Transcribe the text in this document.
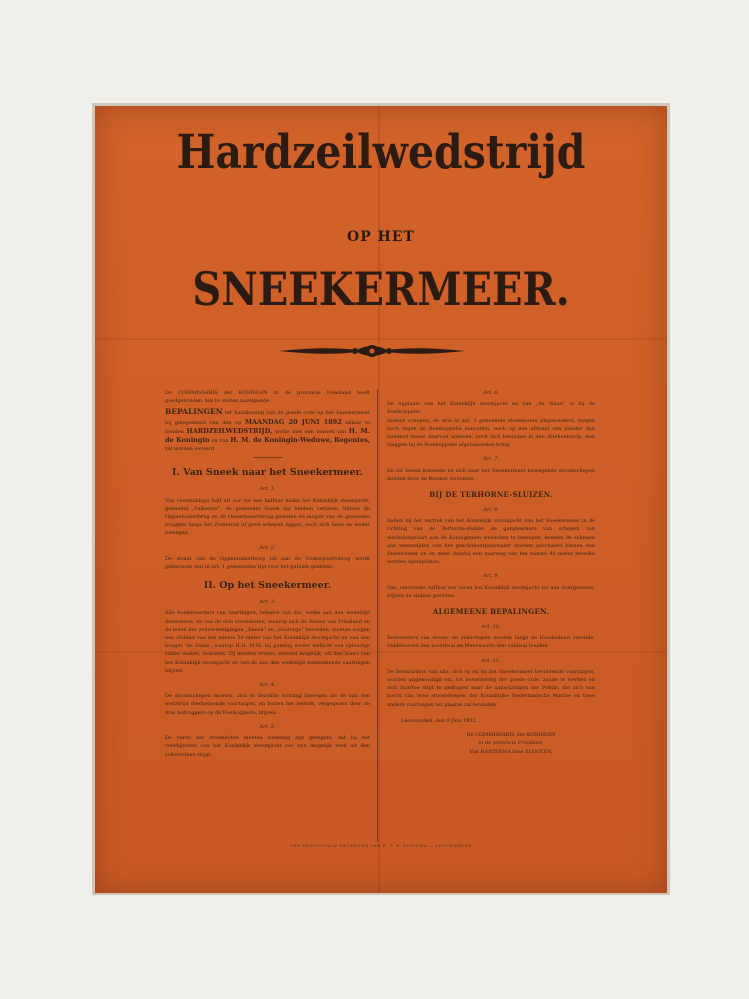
Hardzeilwedstrijd
OP HET
SNEEKERMEER.
De COMMISSARIS der KONINGIN in de provincie Friesland heeft goedgevonden, ten te stellen navolgende
BEPALINGEN ter handhaving van de goede orde op het Sneekermeer bij gelegenheid van den op MAANDAG 20 JUNI 1892 aldaar te houden HARDZEILWEDSTRIJD, welke met een bezoek van H. M. de Koningin en van H. M. de Koningin-Weduwe, Regentes, zal worden vereerd.
I. Van Sneek naar het Sneekermeer.
Art. 1.
Van voormiddags half elf uur tot een halfuur nadat het Koninklijk stoomjacht, genaamd „Valkenris”, de gemeente Sneek zal hebben verlaten, blijven de Oppenhuizerbrug en de Oosterpoortsbrug gesloten en mogen van de gemeente bruggen langs het Zomerrak of geen schepen liggen, noch zich heen en weder bewegen.
Art. 2.
De straat van de Oppenhuizerbrug tot aan de Oosterpoortsbrug wordt gedurende den in art. 1 genoemden tijd voor het publiek gesloten.
II. Op het Sneekermeer.
Art. 3.
Alle hoeksvaarders van vaartuigen, behalve van die, welke aan den wedstrijd deelnemen, en van de drie stoomboten, waarop zich de Staten van Friesland en de leden der zeilvereenigingen „Sneek” en „Oosterga” bevinden, moeten zorgen een afstand van ten minste 50 meter van het Koninklijk stoomjacht en van den hooger ‘de Slaan’, waarop H.H. M.M. bij gunstig weder wellicht een oploechje zullen maken, bewaren. Zij moeten tevens, zooveel mogelijk, uit den koers van het Koninklijk stoomjacht en van de aan den wedstrijd deelnemende vaartuigen blijven.
Art. 4.
De stoomschepen moeten, zich in dezelfde richting bewegen als de aan den wedstrijd deelnemende vaartuigen, en buiten het zeilvak, vergegezen door de drie zeilvaggers op de Boeikoppelle, blijven.
Art. 5.
De varen der stoomboten moeten zoodanig zijn geregeld, dat bij het voorbijvaren van het Koninklijk stoomjacht zoo min mogelijk rook uit den schoorsteen stijgt.
Art. 6.
De ligplaats van het Koninklijk stoomjacht en van „de Slaan” is bij de Boeikoppelle.
Andere schepen, de drie in art. 3 genoemde stoomboten uitgezonderd, mogen noch tegen de Boeikoppelle aanvallen, noch op een afstand van minder dan honderd meter daarvan ankeren, noch zich bevinden in den driehoekstrip, met vlaggen bij de Boeikoppelle afgebakenden kring.
Art. 7.
De uit Sneek komende en zich naar het Sneekermeer bewegende stoomschepen moeten door de Boeiker stroomen.
BIJ DE TERHORNE-SLUIZEN.
Art. 8.
Indien bij het vertrek van het Koninklijk stoomjacht van het Sneekermeer in de richting van de Terhorne-sluizen de gangwerkers van schepen van elschaloepvaart aan de Koninginnen wenschen te bewegen, moeten de schepen aan weerszijden van het geschalieerpaarwater worden geschaard binnen den Statenwater en en meer daarbij een vaarweg van ten minste 40 meter breedte worden opengelaten.
Art. 9.
Van, omstreeks halfuur ten voren het Koninklijk stoomjacht tot aan doorgevaren, blijven de sluizen gesloten.
ALGEMEENE BEPALINGEN.
Art. 10.
Bestuurders van stoom- en zeilschepen moeten langs de Houdeshaut varende, Stadsboeren den noordwal en Meerwaarts den zuidwal houden.
Art. 11.
De bestuurders van alle, zich op en bij het Sneekermeer bevindende vaartuigen, worden uitgenoodigd om, tot bevordering der goede orde, zoude te werken en zich daartoe stipt te gedragen naar de aanwijzingen der Politie, die zich van boord van twee stoomsloepen der Koninklijke Nederlandsche Marine en twee andere vaartuigen ter plaatse zal bevinden.
Leeuwarden, den 9 Juni 1892.
De COMMISSARIS der KONINGIN
in de provincie Friesland,
Van HARINXMA thoe SLOOTEN.
TER PROVINCIALE DRUKKERIJ VAN G. T. N. SUIDEMA — LEEUWARDEN
